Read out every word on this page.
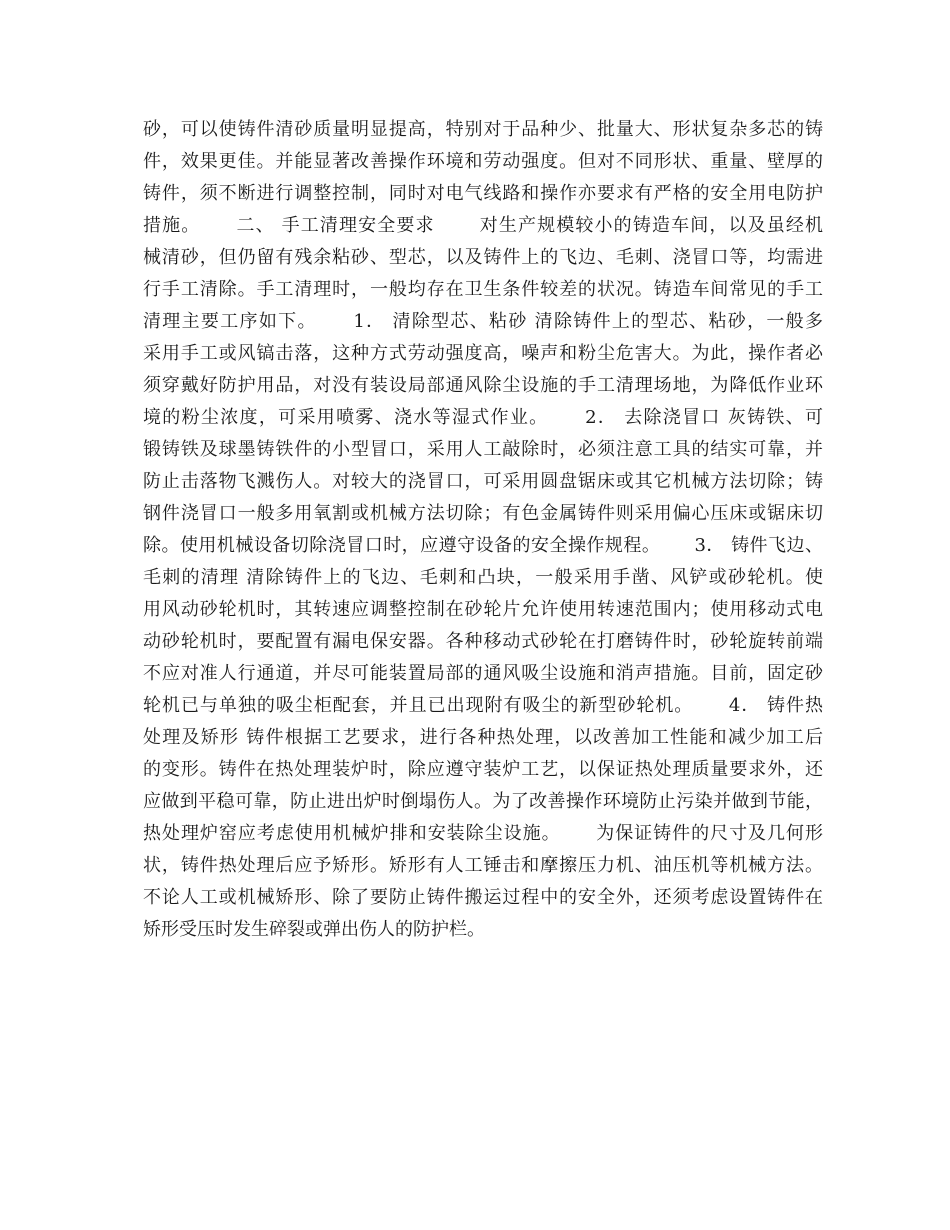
砂，可以使铸件清砂质量明显提高，特别对于品种少、批量大、形状复杂多芯的铸
件，效果更佳。并能显著改善操作环境和劳动强度。但对不同形状、重量、壁厚的
铸件，须不断进行调整控制，同时对电气线路和操作亦要求有严格的安全用电防护
措施。　　 二、 手工清理安全要求　　 对生产规模较小的铸造车间，以及虽经机
械清砂，但仍留有残余粘砂、型芯，以及铸件上的飞边、毛刺、浇冒口等，均需进
行手工清除。手工清理时，一般均存在卫生条件较差的状况。铸造车间常见的手工
清理主要工序如下。　　 1． 清除型芯、粘砂 清除铸件上的型芯、粘砂，一般多
采用手工或风镐击落，这种方式劳动强度高，噪声和粉尘危害大。为此，操作者必
须穿戴好防护用品，对没有装设局部通风除尘设施的手工清理场地，为降低作业环
境的粉尘浓度，可采用喷雾、浇水等湿式作业。　　 2． 去除浇冒口 灰铸铁、可
锻铸铁及球墨铸铁件的小型冒口，采用人工敲除时，必须注意工具的结实可靠，并
防止击落物飞溅伤人。对较大的浇冒口，可采用圆盘锯床或其它机械方法切除；铸
钢件浇冒口一般多用氧割或机械方法切除；有色金属铸件则采用偏心压床或锯床切
除。使用机械设备切除浇冒口时，应遵守设备的安全操作规程。　　 3． 铸件飞边、
毛刺的清理 清除铸件上的飞边、毛刺和凸块，一般采用手凿、风铲或砂轮机。使
用风动砂轮机时，其转速应调整控制在砂轮片允许使用转速范围内；使用移动式电
动砂轮机时，要配置有漏电保安器。各种移动式砂轮在打磨铸件时，砂轮旋转前端
不应对准人行通道，并尽可能装置局部的通风吸尘设施和消声措施。目前，固定砂
轮机已与单独的吸尘柜配套，并且已出现附有吸尘的新型砂轮机。　　 4． 铸件热
处理及矫形 铸件根据工艺要求，进行各种热处理，以改善加工性能和减少加工后
的变形。铸件在热处理装炉时，除应遵守装炉工艺，以保证热处理质量要求外，还
应做到平稳可靠，防止进出炉时倒塌伤人。为了改善操作环境防止污染并做到节能，
热处理炉窑应考虑使用机械炉排和安装除尘设施。　　 为保证铸件的尺寸及几何形
状，铸件热处理后应予矫形。矫形有人工锤击和摩擦压力机、油压机等机械方法。
不论人工或机械矫形、除了要防止铸件搬运过程中的安全外，还须考虑设置铸件在
矫形受压时发生碎裂或弹出伤人的防护栏。
